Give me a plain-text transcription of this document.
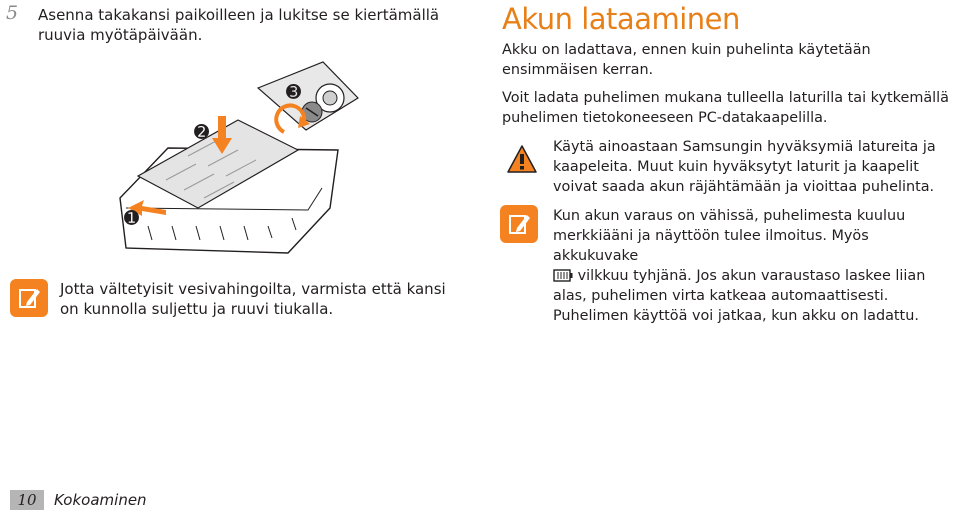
5 Asenna takakansi paikoilleen ja lukitse se kiertämällä ruuvia myötäpäivään.
➊
➋
➌
Jotta vältetyisit vesivahingoilta, varmista että kansi on kunnolla suljettu ja ruuvi tiukalla.
Akun lataaminen
Akku on ladattava, ennen kuin puhelinta käytetään ensimmäisen kerran.
Voit ladata puhelimen mukana tulleella laturilla tai kytkemällä puhelimen tietokoneeseen PC-datakaapelilla.
Käytä ainoastaan Samsungin hyväksymiä latureita ja kaapeleita. Muut kuin hyväksytyt laturit ja kaapelit voivat saada akun räjähtämään ja vioittaa puhelinta.
Kun akun varaus on vähissä, puhelimesta kuuluu merkkiääni ja näyttöön tulee ilmoitus. Myös akkukuvake
vilkkuu tyhjänä. Jos akun varaustaso laskee liian alas, puhelimen virta katkeaa automaattisesti. Puhelimen käyttöä voi jatkaa, kun akku on ladattu.
10	Kokoaminen
